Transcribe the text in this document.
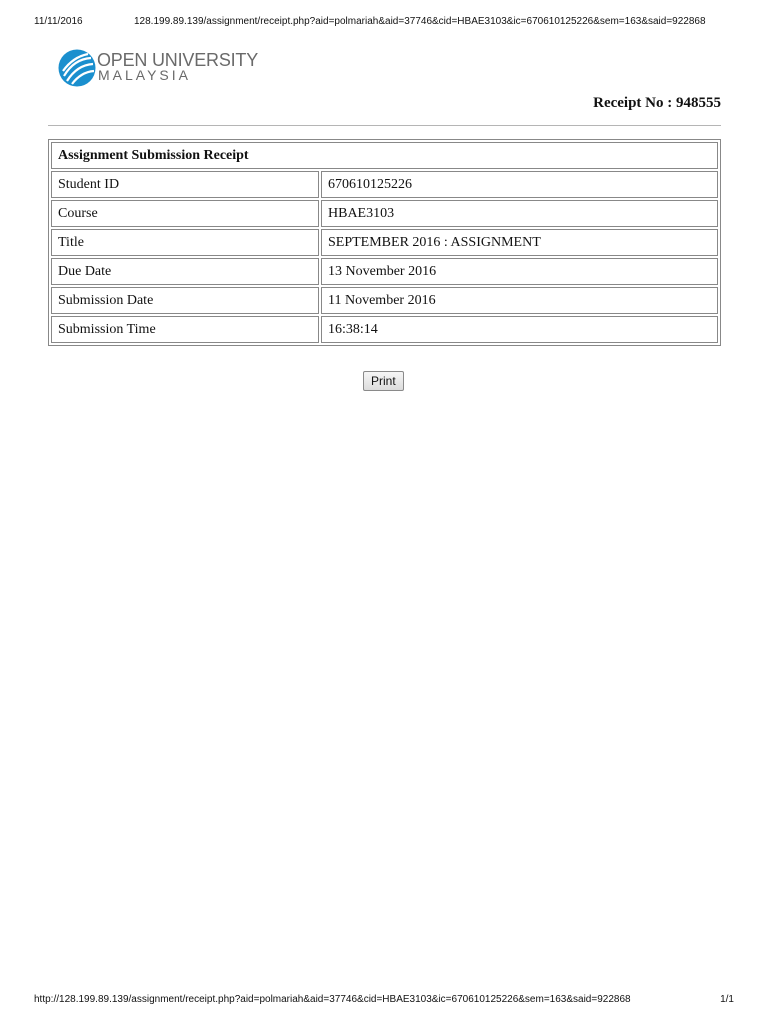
11/11/2016	128.199.89.139/assignment/receipt.php?aid=polmariah&aid=37746&cid=HBAE3103&ic=670610125226&sem=163&said=922868
OPEN UNIVERSITY
MALAYSIA
Receipt No : 948555
Assignment Submission Receipt	
Student ID	670610125226
Course	HBAE3103
Title	SEPTEMBER 2016 : ASSIGNMENT
Due Date	13 November 2016
Submission Date	11 November 2016
Submission Time	16:38:14
Print
http://128.199.89.139/assignment/receipt.php?aid=polmariah&aid=37746&cid=HBAE3103&ic=670610125226&sem=163&said=922868	1/1
